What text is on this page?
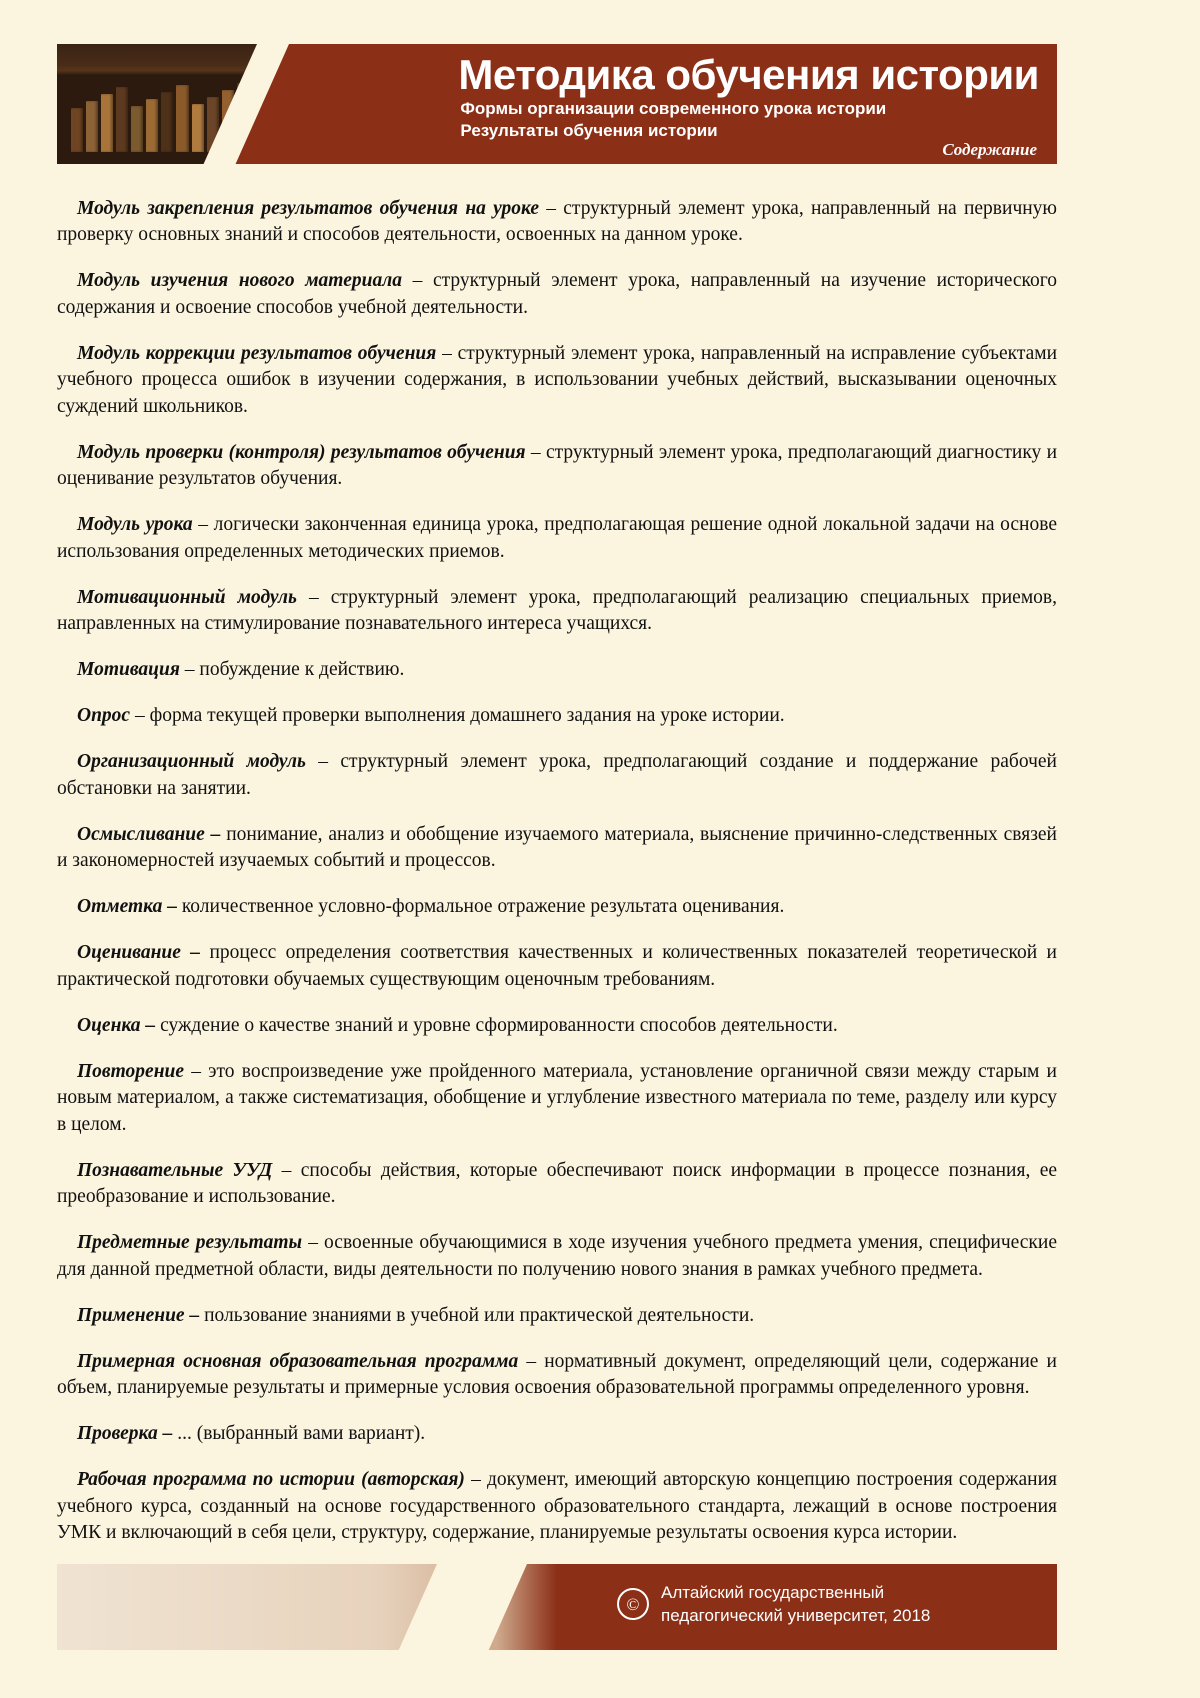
Методика обучения истории
Формы организации современного урока истории
Результаты обучения истории
Содержание

Модуль закрепления результатов обучения на уроке – структурный элемент урока, направленный на первичную проверку основных знаний и способов деятельности, освоенных на данном уроке.

Модуль изучения нового материала – структурный элемент урока, направленный на изучение исторического содержания и освоение способов учебной деятельности.

Модуль коррекции результатов обучения – структурный элемент урока, направленный на исправление субъектами учебного процесса ошибок в изучении содержания, в использовании учебных действий, высказывании оценочных суждений школьников.

Модуль проверки (контроля) результатов обучения – структурный элемент урока, предполагающий диагностику и оценивание результатов обучения.

Модуль урока – логически законченная единица урока, предполагающая решение одной локальной задачи на основе использования определенных методических приемов.

Мотивационный модуль – структурный элемент урока, предполагающий реализацию специальных приемов, направленных на стимулирование познавательного интереса учащихся.

Мотивация – побуждение к действию.

Опрос – форма текущей проверки выполнения домашнего задания на уроке истории.

Организационный модуль – структурный элемент урока, предполагающий создание и поддержание рабочей обстановки на занятии.

Осмысливание – понимание, анализ и обобщение изучаемого материала, выяснение причинно-следственных связей и закономерностей изучаемых событий и процессов.

Отметка – количественное условно-формальное отражение результата оценивания.

Оценивание – процесс определения соответствия качественных и количественных показателей теоретической и практической подготовки обучаемых существующим оценочным требованиям.

Оценка – суждение о качестве знаний и уровне сформированности способов деятельности.

Повторение – это воспроизведение уже пройденного материала, установление органичной связи между старым и новым материалом, а также систематизация, обобщение и углубление известного материала по теме, разделу или курсу в целом.

Познавательные УУД – способы действия, которые обеспечивают поиск информации в процессе познания, ее преобразование и использование.

Предметные результаты – освоенные обучающимися в ходе изучения учебного предмета умения, специфические для данной предметной области, виды деятельности по получению нового знания в рамках учебного предмета.

Применение – пользование знаниями в учебной или практической деятельности.

Примерная основная образовательная программа – нормативный документ, определяющий цели, содержание и объем, планируемые результаты и примерные условия освоения образовательной программы определенного уровня.

Проверка – ... (выбранный вами вариант).

Рабочая программа по истории (авторская) – документ, имеющий авторскую концепцию построения содержания учебного курса, созданный на основе государственного образовательного стандарта, лежащий в основе построения УМК и включающий в себя цели, структуру, содержание, планируемые результаты освоения курса истории.

©
Алтайский государственный
педагогический университет, 2018
